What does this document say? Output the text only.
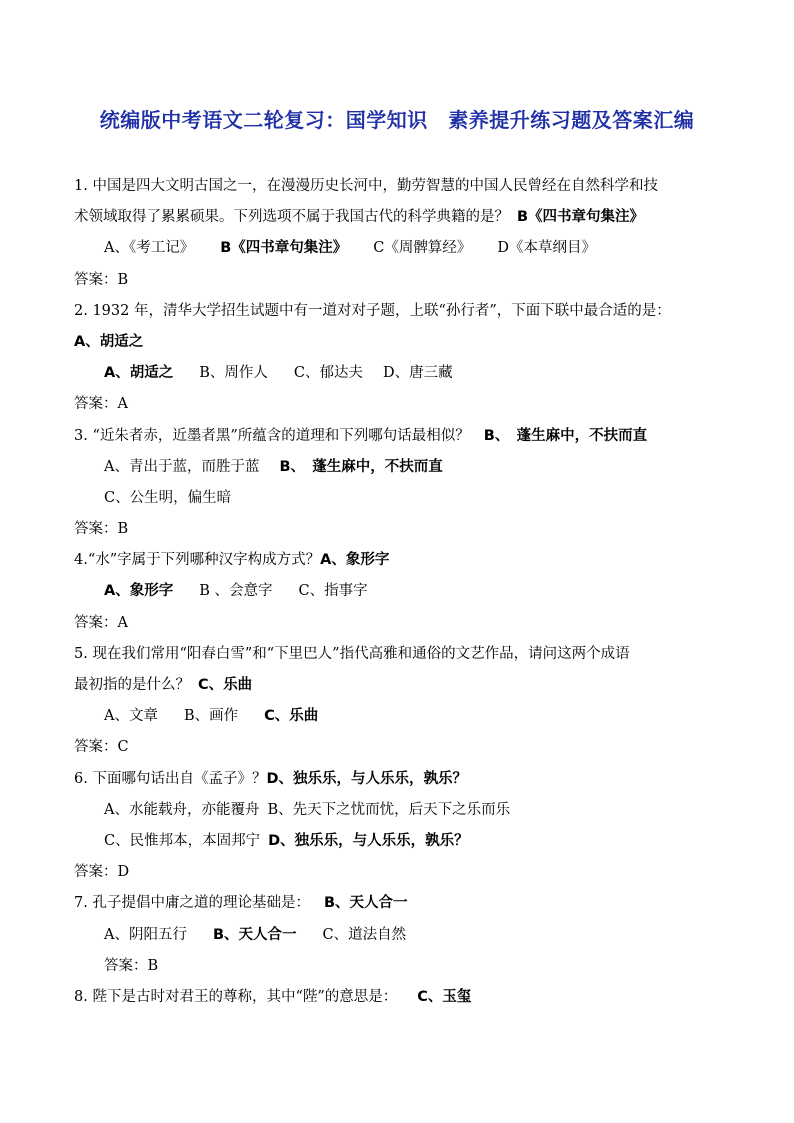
统编版中考语文二轮复习：国学知识　素养提升练习题及答案汇编
1. 中国是四大文明古国之一，在漫漫历史长河中，勤劳智慧的中国人民曾经在自然科学和技
术领域取得了累累硕果。下列选项不属于我国古代的科学典籍的是？ B《四书章句集注》
A、《考工记》 B《四书章句集注》 C《周髀算经》 D《本草纲目》
答案：B
2. 1932 年，清华大学招生试题中有一道对对子题，上联“孙行者”，下面下联中最合适的是：
A、胡适之
A、胡适之 B、周作人 C、郁达夫 D、唐三藏
答案：A
3. “近朱者赤，近墨者黑”所蕴含的道理和下列哪句话最相似？ B、　蓬生麻中，不扶而直
A、青出于蓝，而胜于蓝 B、　蓬生麻中，不扶而直
C、公生明，偏生暗
答案：B
4.“水”字属于下列哪种汉字构成方式？A、象形字
A、象形字 B 、会意字 C、指事字
答案：A
5. 现在我们常用“阳春白雪”和“下里巴人”指代高雅和通俗的文艺作品，请问这两个成语
最初指的是什么？ C、乐曲
A、文章 B、画作 C、乐曲
答案：C
6. 下面哪句话出自《孟子》？D、独乐乐，与人乐乐，孰乐？
A、水能载舟，亦能覆舟 B、先天下之忧而忧，后天下之乐而乐
C、民惟邦本，本固邦宁 D、独乐乐，与人乐乐，孰乐？
答案：D
7. 孔子提倡中庸之道的理论基础是： B、天人合一
A、阴阳五行 B、天人合一 C、道法自然
答案：B
8. 陛下是古时对君王的尊称，其中“陛”的意思是： C、玉玺
